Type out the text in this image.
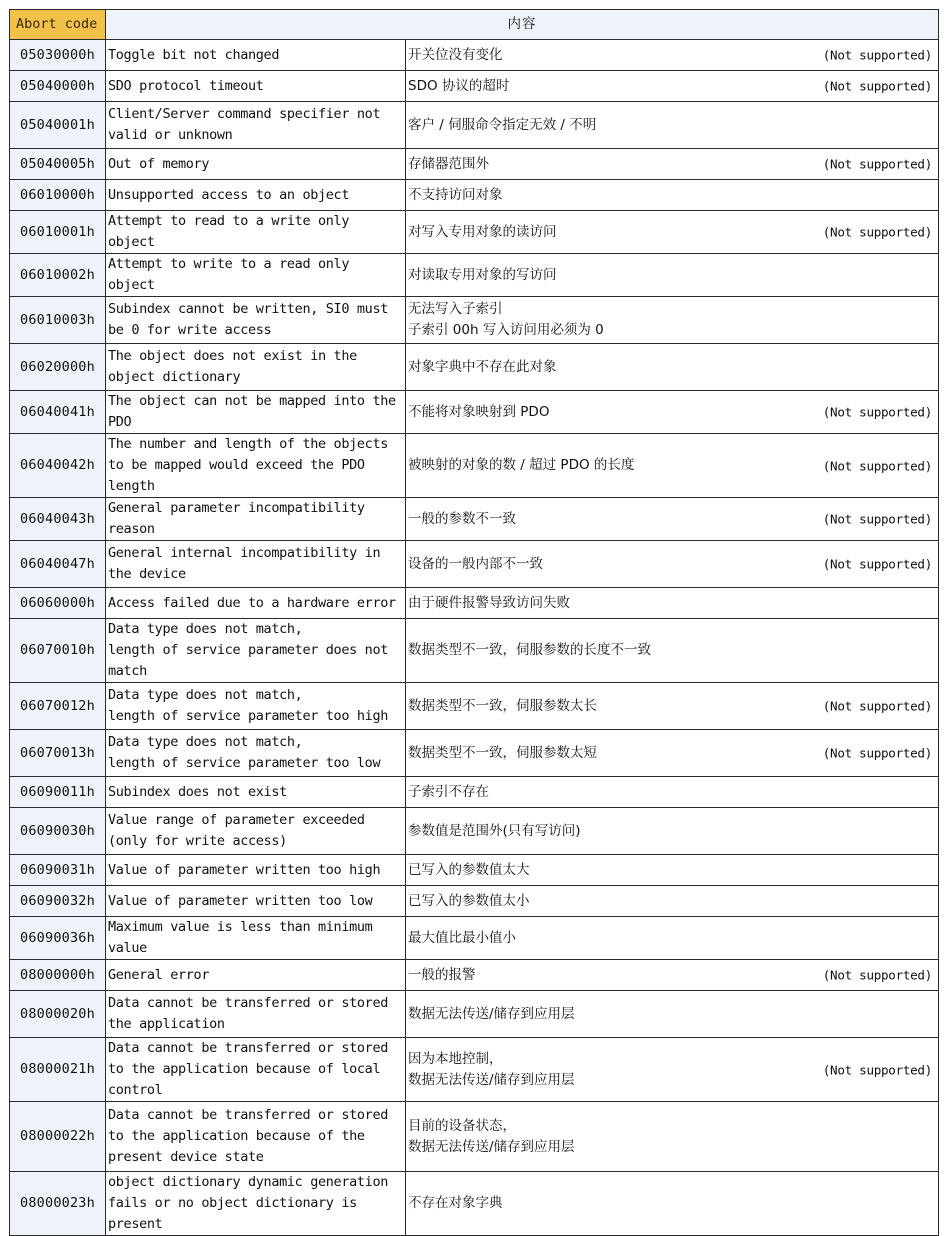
Abort code	内容	
05030000h	Toggle bit not changed	开关位没有变化 (Not supported)

05040000h	SDO protocol timeout	SDO 协议的超时 (Not supported)

05040001h	Client/Server command specifier not valid or unknown	客户 / 伺服命令指定无效 / 不明

05040005h	Out of memory	存储器范围外 (Not supported)

06010000h	Unsupported access to an object	不支持访问对象

06010001h	Attempt to read to a write only object	对写入专用对象的读访问 (Not supported)

06010002h	Attempt to write to a read only object	对读取专用对象的写访问

06010003h	Subindex cannot be written, SI0 must be 0 for write access	无法写入子索引
子索引 00h 写入访问用必须为 0

06020000h	The object does not exist in the object dictionary	对象字典中不存在此对象

06040041h	The object can not be mapped into the PDO	不能将对象映射到 PDO (Not supported)

06040042h	The number and length of the objects to be mapped would exceed the PDO length	被映射的对象的数 / 超过 PDO 的长度 (Not supported)

06040043h	General parameter incompatibility reason	一般的参数不一致 (Not supported)

06040047h	General internal incompatibility in the device	设备的一般内部不一致 (Not supported)

06060000h	Access failed due to a hardware error	由于硬件报警导致访问失败

06070010h	Data type does not match,
length of service parameter does not match	数据类型不一致，伺服参数的长度不一致

06070012h	Data type does not match,
length of service parameter too high	数据类型不一致，伺服参数太长 (Not supported)

06070013h	Data type does not match,
length of service parameter too low	数据类型不一致，伺服参数太短 (Not supported)

06090011h	Subindex does not exist	子索引不存在

06090030h	Value range of parameter exceeded
(only for write access)	参数值是范围外(只有写访问)

06090031h	Value of parameter written too high	已写入的参数值太大

06090032h	Value of parameter written too low	已写入的参数值太小

06090036h	Maximum value is less than minimum value	最大值比最小值小

08000000h	General error	一般的报警 (Not supported)

08000020h	Data cannot be transferred or stored the application	数据无法传送/储存到应用层

08000021h	Data cannot be transferred or stored to the application because of local control	因为本地控制，
数据无法传送/储存到应用层
(Not supported)

08000022h	Data cannot be transferred or stored to the application because of the present device state	目前的设备状态，
数据无法传送/储存到应用层

08000023h	object dictionary dynamic generation fails or no object dictionary is present	不存在对象字典
